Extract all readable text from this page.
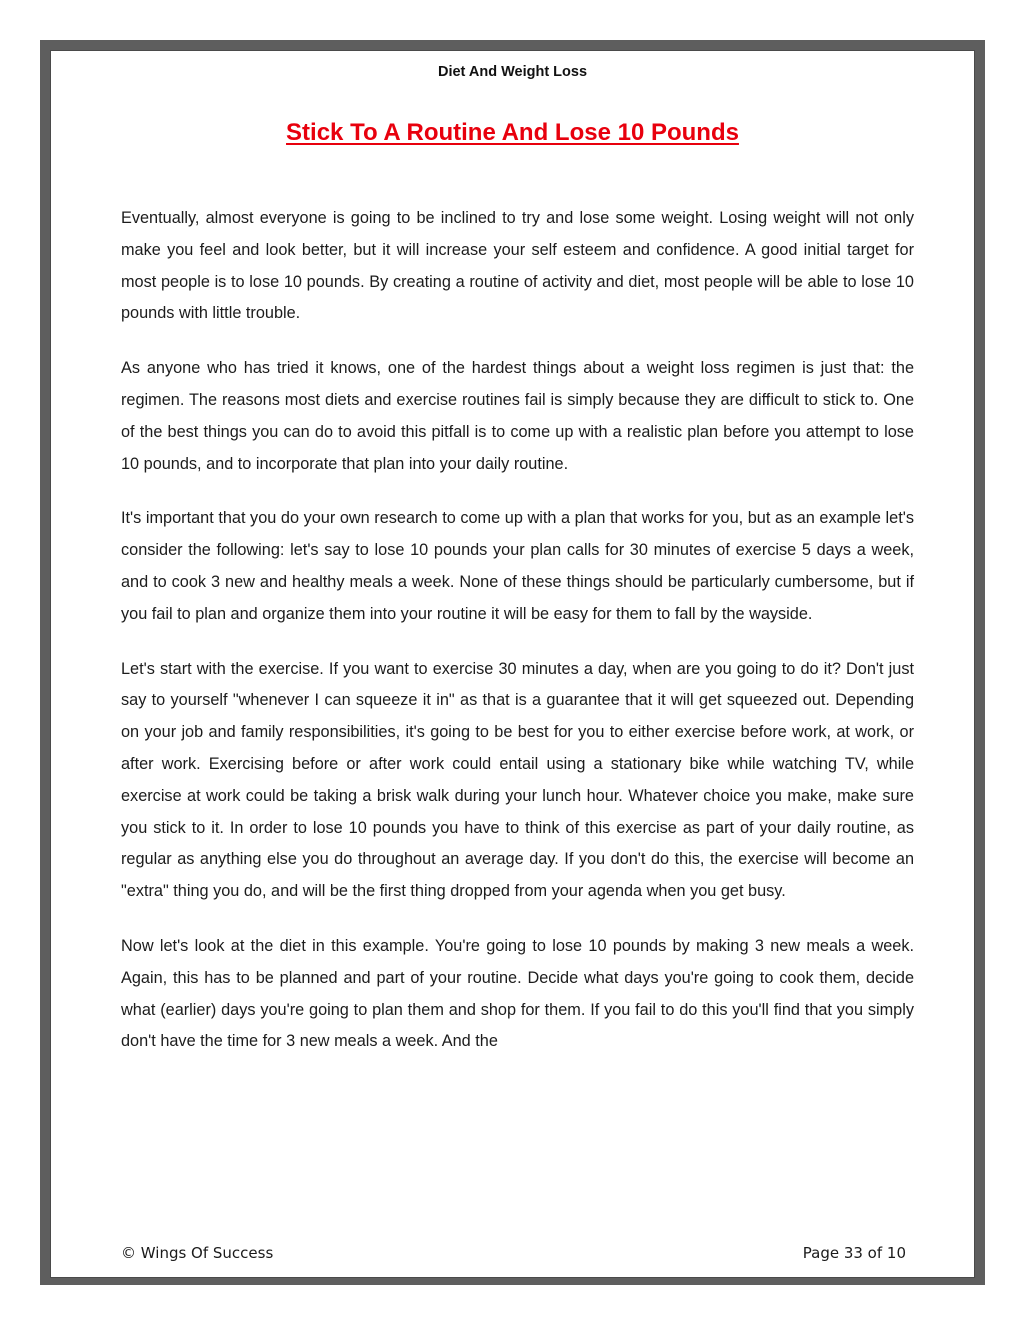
Diet And Weight Loss
Stick To A Routine And Lose 10 Pounds

Eventually, almost everyone is going to be inclined to try and lose some weight. Losing weight will not only make you feel and look better, but it will increase your self esteem and confidence. A good initial target for most people is to lose 10 pounds. By creating a routine of activity and diet, most people will be able to lose 10 pounds with little trouble.

As anyone who has tried it knows, one of the hardest things about a weight loss regimen is just that: the regimen. The reasons most diets and exercise routines fail is simply because they are difficult to stick to. One of the best things you can do to avoid this pitfall is to come up with a realistic plan before you attempt to lose 10 pounds, and to incorporate that plan into your daily routine.

It's important that you do your own research to come up with a plan that works for you, but as an example let's consider the following: let's say to lose 10 pounds your plan calls for 30 minutes of exercise 5 days a week, and to cook 3 new and healthy meals a week. None of these things should be particularly cumbersome, but if you fail to plan and organize them into your routine it will be easy for them to fall by the wayside.

Let's start with the exercise. If you want to exercise 30 minutes a day, when are you going to do it? Don't just say to yourself "whenever I can squeeze it in" as that is a guarantee that it will get squeezed out. Depending on your job and family responsibilities, it's going to be best for you to either exercise before work, at work, or after work. Exercising before or after work could entail using a stationary bike while watching TV, while exercise at work could be taking a brisk walk during your lunch hour. Whatever choice you make, make sure you stick to it. In order to lose 10 pounds you have to think of this exercise as part of your daily routine, as regular as anything else you do throughout an average day. If you don't do this, the exercise will become an "extra" thing you do, and will be the first thing dropped from your agenda when you get busy.

Now let's look at the diet in this example. You're going to lose 10 pounds by making 3 new meals a week. Again, this has to be planned and part of your routine. Decide what days you're going to cook them, decide what (earlier) days you're going to plan them and shop for them. If you fail to do this you'll find that you simply don't have the time for 3 new meals a week. And the

© Wings Of Success	Page 33 of 10
